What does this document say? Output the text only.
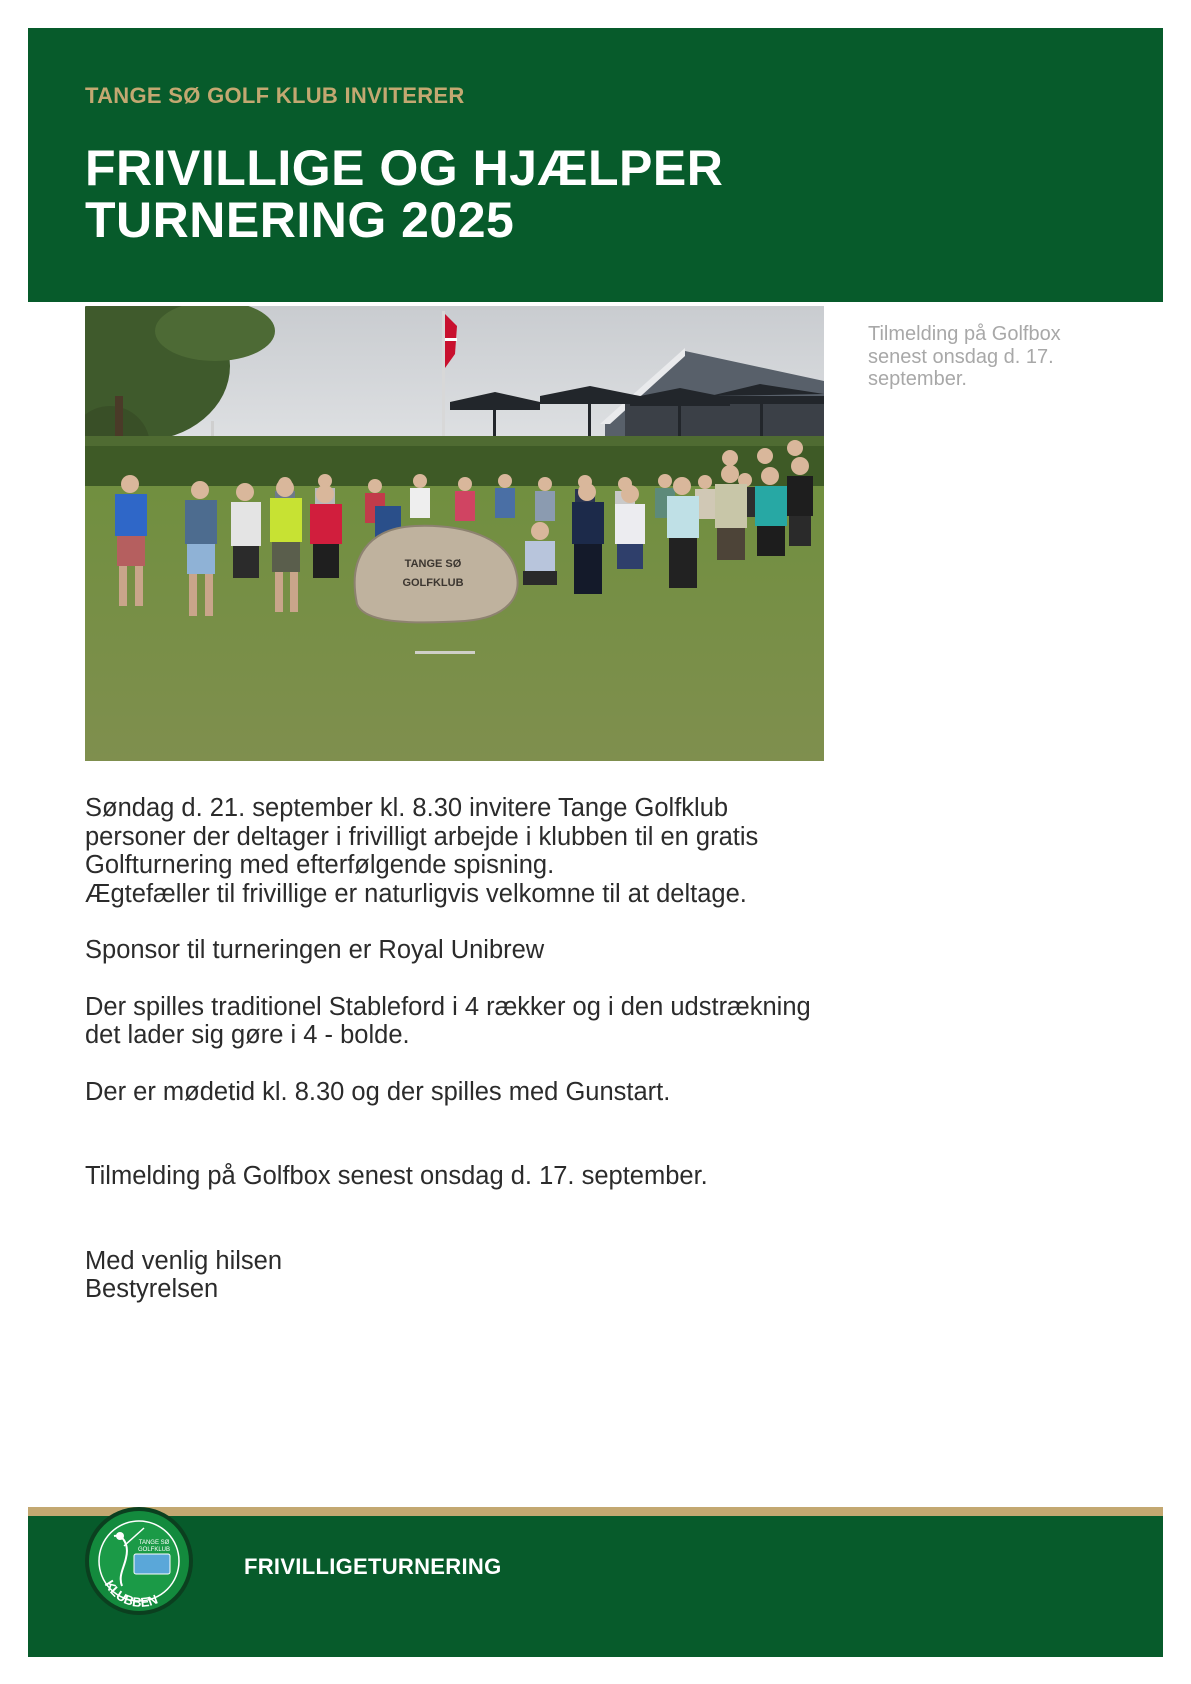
TANGE SØ GOLF KLUB INVITERER

FRIVILLIGE OG HJÆLPER
TURNERING 2025
TANGE SØ
GOLFKLUB

Tilmelding på Golfbox
senest onsdag d. 17.
september.

Søndag d. 21. september kl. 8.30 invitere Tange Golfklub
personer der deltager i frivilligt arbejde i klubben til en gratis
Golfturnering med efterfølgende spisning.
Ægtefæller til frivillige er naturligvis velkomne til at deltage.

Sponsor til turneringen er Royal Unibrew

Der spilles traditionel Stableford i 4 rækker og i den udstrækning
det lader sig gøre i 4 - bolde.

Der er mødetid kl. 8.30 og der spilles med Gunstart.

Tilmelding på Golfbox senest onsdag d. 17. september.

Med venlig hilsen
Bestyrelsen

TANGE SØ
GOLFKLUB
KLUBBEN

FRIVILLIGETURNERING
